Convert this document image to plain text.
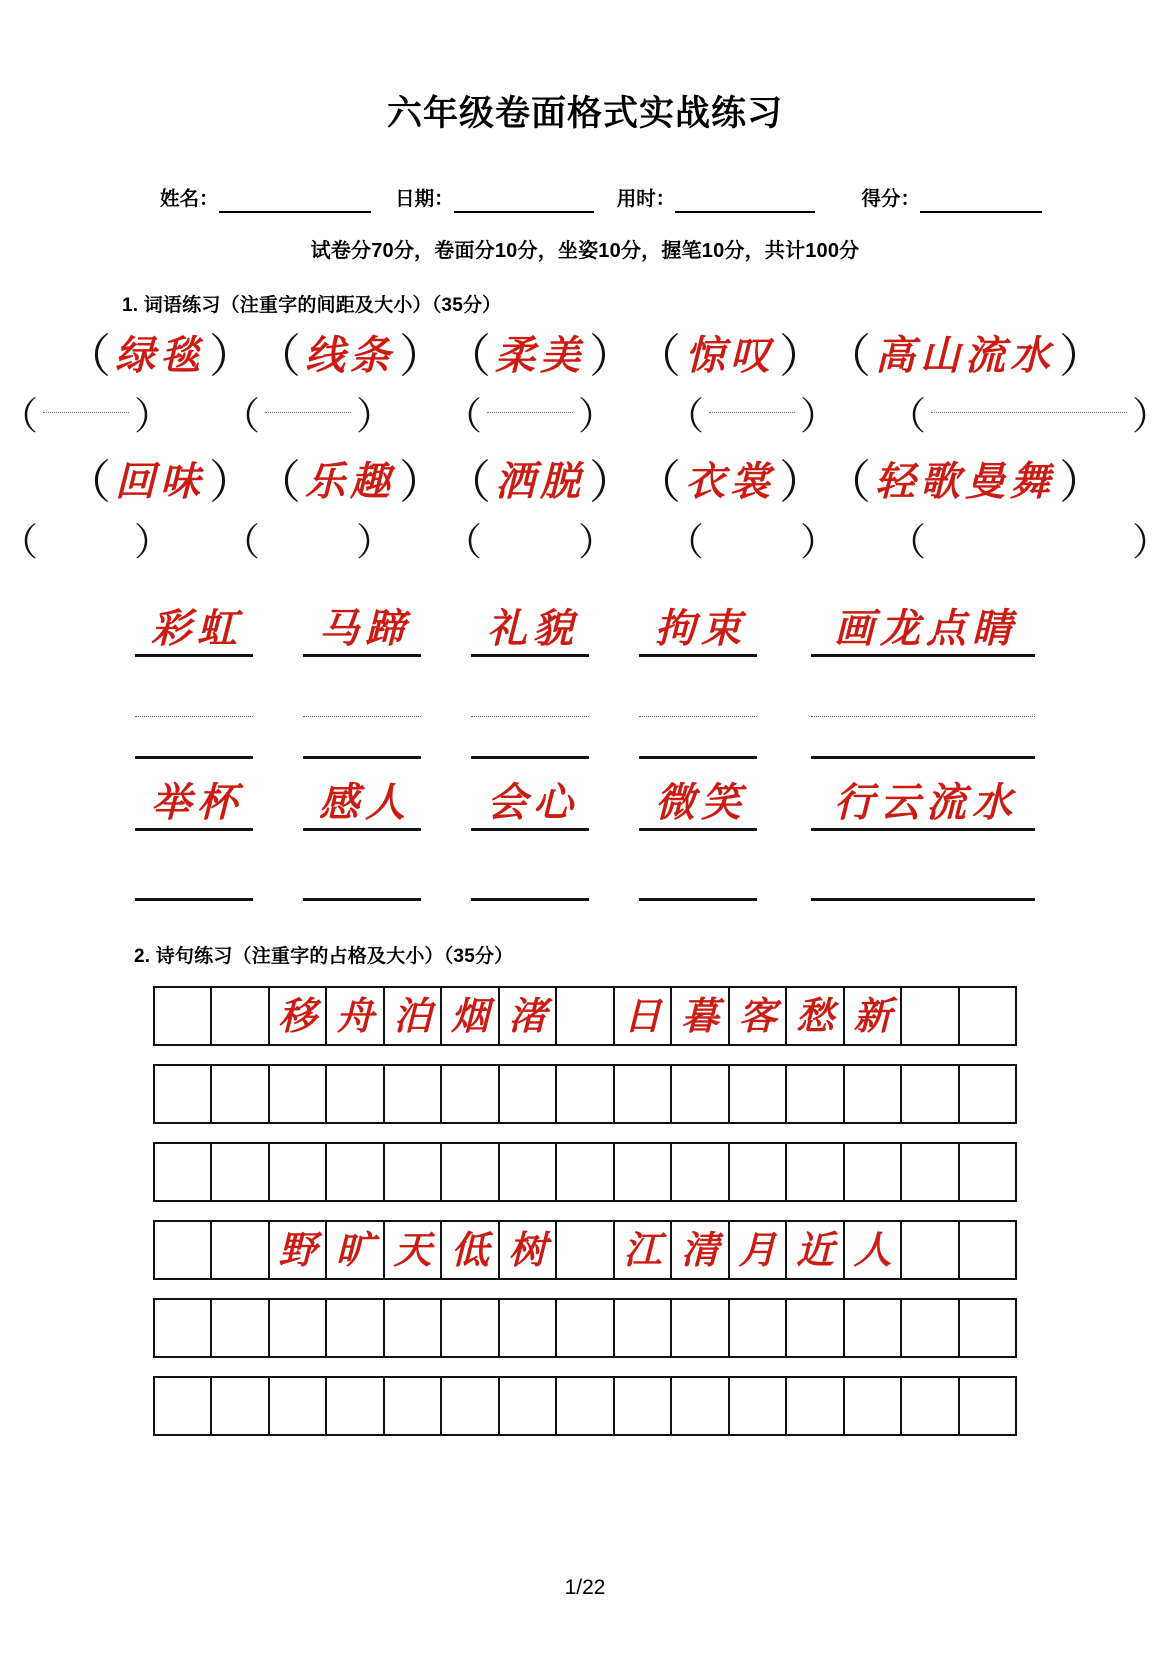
六年级卷面格式实战练习
姓名：	日期：	用时：	得分：
试卷分70分，卷面分10分，坐姿10分，握笔10分，共计100分
1. 词语练习（注重字的间距及大小）（35分）
（ 绿毯 ） （ 线条 ） （ 柔美 ） （ 惊叹 ） （ 高山流水 ）
（	） （	） （	） （	） （	）
（ 回味 ） （ 乐趣 ） （ 洒脱 ） （ 衣裳 ） （ 轻歌曼舞 ）
（	） （	） （	） （	） （	）
彩虹	马蹄	礼貌	拘束	画龙点睛
举杯	感人	会心	微笑	行云流水
2. 诗句练习（注重字的占格及大小）（35分）
移 舟 泊 烟 渚 日 暮 客 愁 新
野 旷 天 低 树 江 清 月 近 人
1/22
